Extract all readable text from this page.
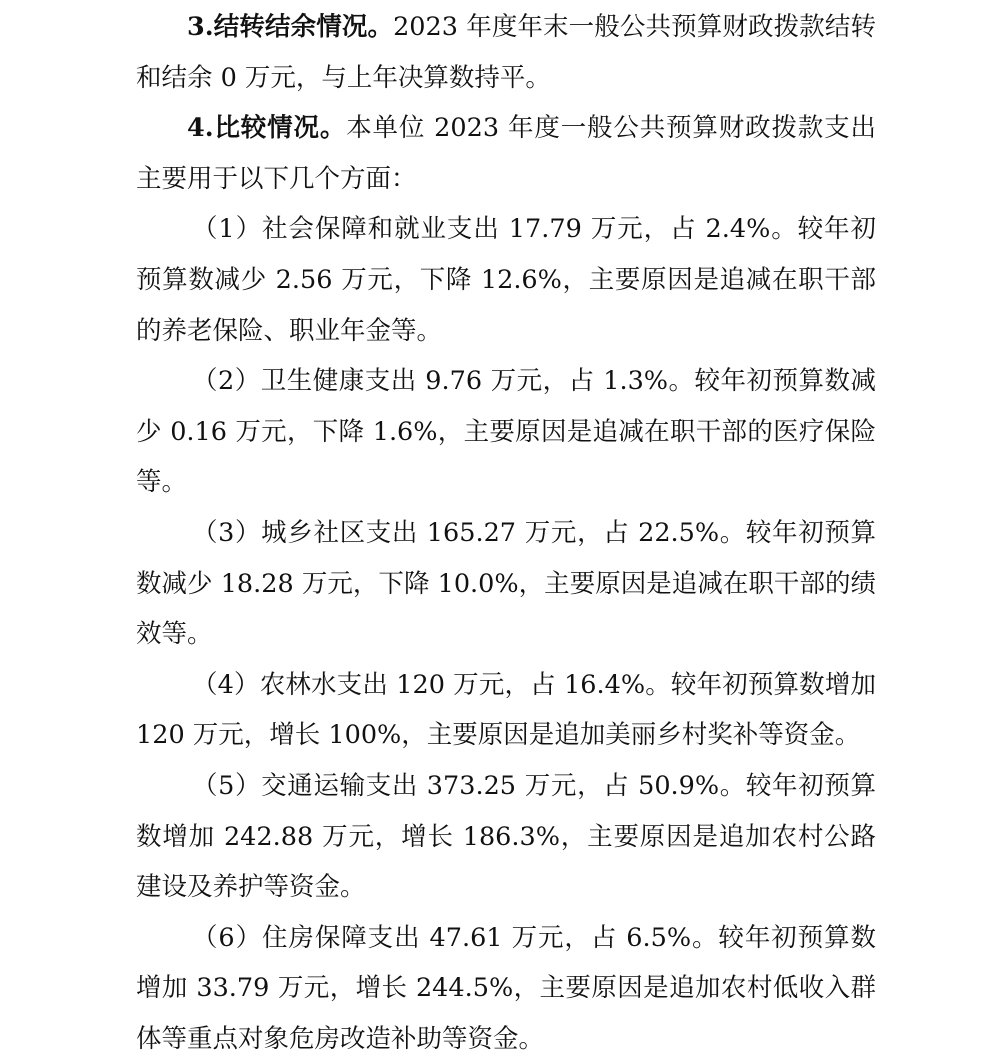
3.结转结余情况。2023 年度年末一般公共预算财政拨款结转和结余 0 万元，与上年决算数持平。

4.比较情况。本单位 2023 年度一般公共预算财政拨款支出主要用于以下几个方面：

（1）社会保障和就业支出 17.79 万元，占 2.4%。较年初预算数减少 2.56 万元，下降 12.6%，主要原因是追减在职干部的养老保险、职业年金等。

（2）卫生健康支出 9.76 万元，占 1.3%。较年初预算数减少 0.16 万元，下降 1.6%，主要原因是追减在职干部的医疗保险等。

（3）城乡社区支出 165.27 万元，占 22.5%。较年初预算数减少 18.28 万元，下降 10.0%，主要原因是追减在职干部的绩效等。

（4）农林水支出 120 万元，占 16.4%。较年初预算数增加 120 万元，增长 100%，主要原因是追加美丽乡村奖补等资金。

（5）交通运输支出 373.25 万元，占 50.9%。较年初预算数增加 242.88 万元，增长 186.3%，主要原因是追加农村公路建设及养护等资金。

（6）住房保障支出 47.61 万元，占 6.5%。较年初预算数增加 33.79 万元，增长 244.5%，主要原因是追加农村低收入群体等重点对象危房改造补助等资金。
